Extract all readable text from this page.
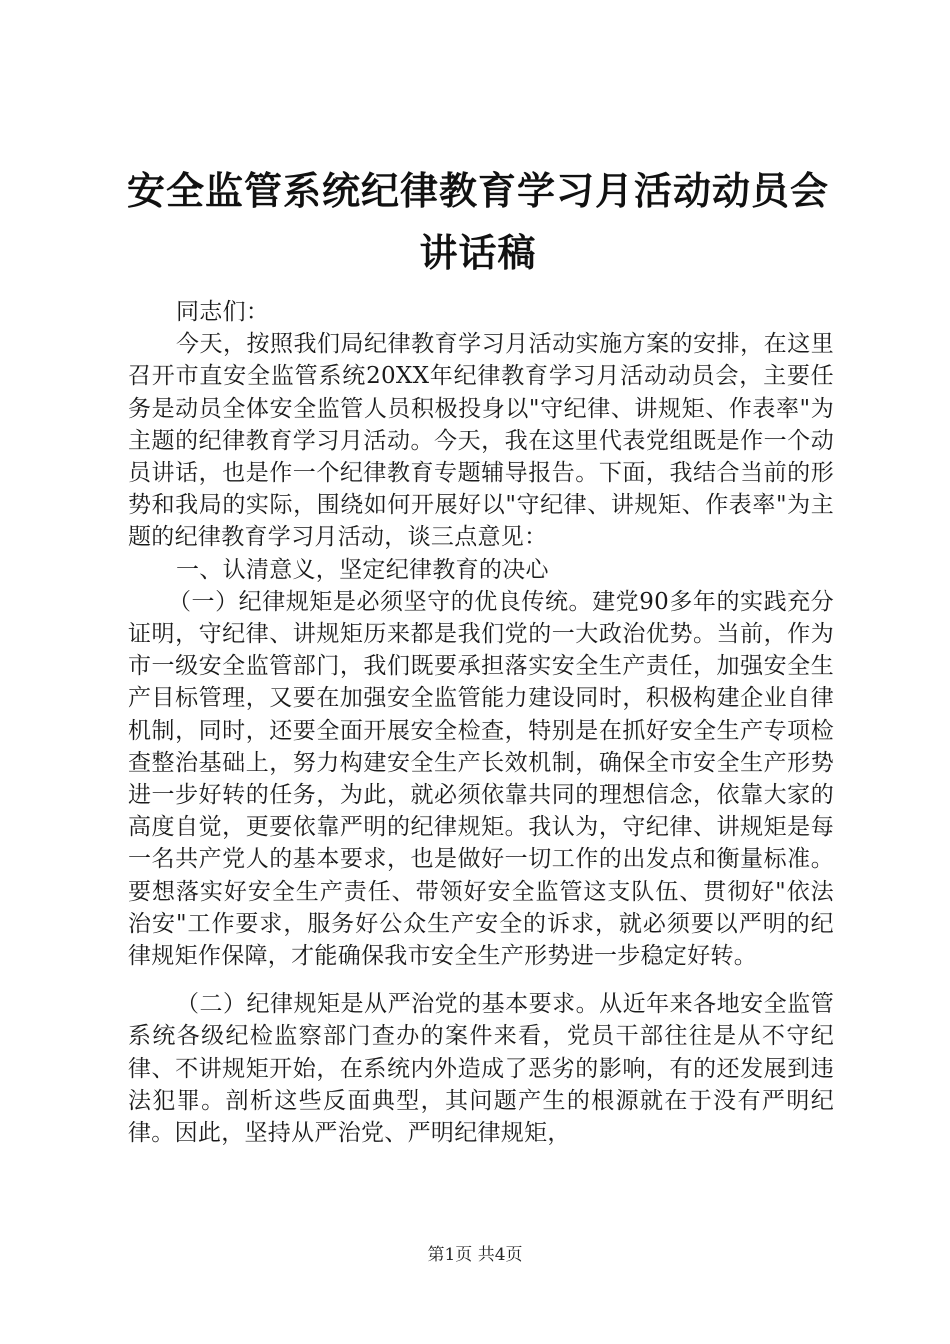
安全监管系统纪律教育学习月活动动员会讲话稿

同志们：

今天，按照我们局纪律教育学习月活动实施方案的安排，在这里召开市直安全监管系统20XX年纪律教育学习月活动动员会，主要任务是动员全体安全监管人员积极投身以"守纪律、讲规矩、作表率"为主题的纪律教育学习月活动。今天，我在这里代表党组既是作一个动员讲话，也是作一个纪律教育专题辅导报告。下面，我结合当前的形势和我局的实际，围绕如何开展好以"守纪律、讲规矩、作表率"为主题的纪律教育学习月活动，谈三点意见：

一、认清意义，坚定纪律教育的决心

（一）纪律规矩是必须坚守的优良传统。建党90多年的实践充分证明，守纪律、讲规矩历来都是我们党的一大政治优势。当前，作为市一级安全监管部门，我们既要承担落实安全生产责任，加强安全生产目标管理，又要在加强安全监管能力建设同时，积极构建企业自律机制，同时，还要全面开展安全检查，特别是在抓好安全生产专项检查整治基础上，努力构建安全生产长效机制，确保全市安全生产形势进一步好转的任务，为此，就必须依靠共同的理想信念，依靠大家的高度自觉，更要依靠严明的纪律规矩。我认为，守纪律、讲规矩是每一名共产党人的基本要求，也是做好一切工作的出发点和衡量标准。要想落实好安全生产责任、带领好安全监管这支队伍、贯彻好"依法治安"工作要求，服务好公众生产安全的诉求，就必须要以严明的纪律规矩作保障，才能确保我市安全生产形势进一步稳定好转。

（二）纪律规矩是从严治党的基本要求。从近年来各地安全监管系统各级纪检监察部门查办的案件来看，党员干部往往是从不守纪律、不讲规矩开始，在系统内外造成了恶劣的影响，有的还发展到违法犯罪。剖析这些反面典型，其问题产生的根源就在于没有严明纪律。因此，坚持从严治党、严明纪律规矩，

第1页 共4页
